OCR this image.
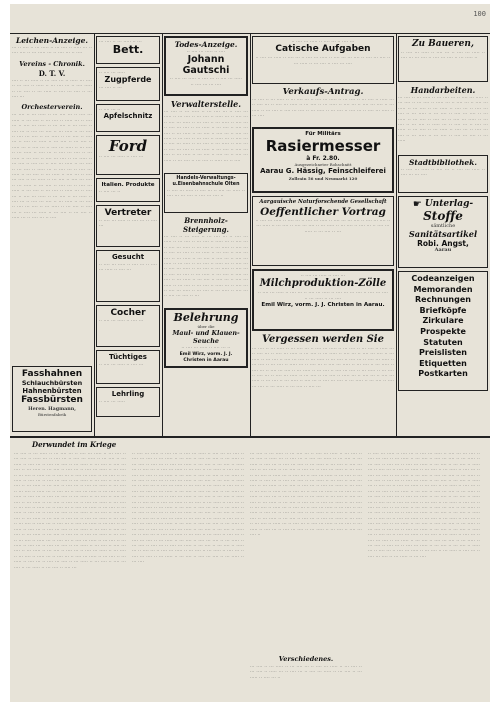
100
Leichen-Anzeige.
‧‧‧ ‧‧ ‧‧‧‧ ‧‧ ‧‧‧ ‧‧‧‧‧ ‧‧ ‧‧‧ ‧‧‧‧ ‧‧ ‧‧‧‧‧ ‧‧‧ ‧‧ ‧‧‧‧ ‧‧‧‧ ‧‧ ‧‧‧ ‧‧‧‧‧ ‧‧‧ ‧‧ ‧‧‧‧ ‧‧‧ ‧‧ ‧‧‧‧
Vereins - Chronik.
D. T. V.
‧‧‧‧ ‧‧ ‧‧‧ ‧‧‧‧‧ ‧‧ ‧‧‧ ‧‧‧‧ ‧‧‧ ‧‧ ‧‧‧‧‧ ‧‧‧ ‧‧‧‧ ‧‧ ‧‧‧ ‧‧‧‧ ‧‧ ‧‧‧‧‧ ‧‧ ‧‧‧ ‧‧‧‧ ‧‧‧ ‧‧ ‧‧‧‧ ‧‧‧‧‧ ‧‧ ‧‧‧ ‧‧‧‧ ‧‧ ‧‧‧ ‧‧‧‧‧ ‧‧ ‧‧‧‧ ‧‧‧ ‧‧‧‧ ‧‧ ‧‧‧ ‧‧‧‧ ‧‧‧
Orchesterverein.
‧‧‧ ‧‧‧‧ ‧‧ ‧‧‧ ‧‧‧‧‧ ‧‧ ‧‧‧ ‧‧‧‧ ‧‧‧ ‧‧ ‧‧‧‧ ‧‧‧ ‧‧‧‧‧ ‧‧ ‧‧‧ ‧‧‧‧ ‧‧ ‧‧‧ ‧‧‧‧ ‧‧ ‧‧‧‧‧ ‧‧‧ ‧‧ ‧‧‧‧ ‧‧‧ ‧‧ ‧‧‧‧ ‧‧‧ ‧‧‧‧‧ ‧‧ ‧‧‧ ‧‧‧‧ ‧‧ ‧‧‧ ‧‧‧‧‧ ‧‧ ‧‧‧‧ ‧‧‧ ‧‧ ‧‧‧‧ ‧‧‧ ‧‧‧‧ ‧‧ ‧‧‧ ‧‧‧‧‧ ‧‧ ‧‧‧ ‧‧‧‧ ‧‧ ‧‧‧‧ ‧‧‧ ‧‧‧‧ ‧‧ ‧‧‧ ‧‧‧‧‧ ‧‧ ‧‧‧ ‧‧‧‧ ‧‧ ‧‧‧‧ ‧‧‧ ‧‧ ‧‧‧‧ ‧‧‧ ‧‧‧‧‧ ‧‧ ‧‧‧ ‧‧‧‧ ‧‧ ‧‧‧ ‧‧‧‧ ‧‧ ‧‧‧‧‧ ‧‧‧ ‧‧ ‧‧‧‧ ‧‧‧ ‧‧ ‧‧‧‧ ‧‧‧ ‧‧‧‧‧ ‧‧ ‧‧‧ ‧‧‧‧ ‧‧ ‧‧‧ ‧‧‧‧‧ ‧‧ ‧‧‧‧ ‧‧‧ ‧‧ ‧‧‧‧ ‧‧‧ ‧‧‧‧ ‧‧ ‧‧‧ ‧‧‧‧‧ ‧‧ ‧‧‧ ‧‧‧‧ ‧‧ ‧‧‧‧ ‧‧‧ ‧‧‧‧ ‧‧ ‧‧‧ ‧‧‧‧‧ ‧‧ ‧‧‧ ‧‧‧‧ ‧‧ ‧‧‧‧ ‧‧‧ ‧‧ ‧‧‧‧ ‧‧‧ ‧‧‧‧‧ ‧‧ ‧‧‧ ‧‧‧‧ ‧‧ ‧‧‧ ‧‧‧‧ ‧‧ ‧‧‧‧‧ ‧‧‧ ‧‧ ‧‧‧‧ ‧‧‧ ‧‧ ‧‧‧‧ ‧‧‧ ‧‧‧‧‧ ‧‧ ‧‧‧ ‧‧‧‧ ‧‧ ‧‧‧ ‧‧‧‧‧ ‧‧ ‧‧‧‧ ‧‧‧ ‧‧ ‧‧‧‧ ‧‧‧ ‧‧‧‧ ‧‧ ‧‧‧ ‧‧‧‧‧ ‧‧ ‧‧‧ ‧‧‧‧ ‧‧ ‧‧‧‧ ‧‧‧ ‧‧‧‧ ‧‧ ‧‧‧ ‧‧‧‧‧ ‧‧ ‧‧‧ ‧‧‧‧ ‧‧ ‧‧‧‧ ‧‧‧ ‧‧ ‧‧‧‧ ‧‧‧ ‧‧‧‧‧ ‧‧ ‧‧‧ ‧‧‧‧ ‧‧ ‧‧‧ ‧‧‧‧ ‧‧ ‧‧‧‧‧ ‧‧‧ ‧‧ ‧‧‧‧ ‧‧‧ ‧‧ ‧‧‧‧ ‧‧‧ ‧‧‧‧‧ ‧‧ ‧‧‧ ‧‧‧‧ ‧‧ ‧‧‧ ‧‧‧‧‧ ‧‧ ‧‧‧‧ ‧‧‧ ‧‧ ‧‧‧‧ ‧‧‧ ‧‧‧‧ ‧‧ ‧‧‧ ‧‧‧‧‧ ‧‧ ‧‧‧ ‧‧‧‧ ‧‧ ‧‧‧‧ ‧‧‧ ‧‧‧‧ ‧‧ ‧‧‧ ‧‧‧‧‧ ‧‧ ‧‧‧ ‧‧‧‧ ‧‧ ‧‧‧‧ ‧‧‧ ‧‧ ‧‧‧‧ ‧‧‧ ‧‧‧‧‧ ‧‧ ‧‧‧ ‧‧‧‧ ‧‧ ‧‧‧ ‧‧‧‧ ‧‧ ‧‧‧‧‧ ‧‧‧ ‧‧ ‧‧‧‧ ‧‧‧ ‧‧ ‧‧‧‧
Fasshahnen
Schlauchbürsten
Hahnenbürsten
Fassbürsten
Heren. Hagmann,
Bürstenfabrik
‧‧‧ ‧‧‧‧ ‧‧ ‧‧‧ ‧‧‧‧‧ ‧‧ ‧‧‧
Bett.
‧‧ ‧‧‧‧ ‧‧‧ ‧‧‧‧‧
Zugpferde
‧‧‧ ‧‧‧‧ ‧‧ ‧‧‧
‧‧ ‧‧‧‧ ‧‧‧ ‧‧
Apfelschnitz
Ford
‧‧ ‧‧‧‧ ‧‧‧ ‧‧‧‧‧ ‧‧ ‧‧‧‧ ‧‧‧
Italien. Produkte
‧‧ ‧‧‧‧ ‧‧‧ ‧‧
Vertreter
‧‧ ‧‧‧‧ ‧‧‧ ‧‧‧‧‧ ‧‧ ‧‧‧‧ ‧‧‧ ‧‧ ‧‧‧‧ ‧‧‧
Gesucht
‧‧ ‧‧‧‧ ‧‧‧ ‧‧‧‧‧ ‧‧ ‧‧‧‧ ‧‧‧ ‧‧ ‧‧‧‧ ‧‧‧ ‧‧‧‧‧ ‧‧ ‧‧‧‧ ‧‧‧
Cocher
‧‧ ‧‧‧‧ ‧‧‧ ‧‧‧‧‧ ‧‧ ‧‧‧‧ ‧‧‧
Tüchtiges
‧‧ ‧‧‧‧ ‧‧‧ ‧‧‧‧‧ ‧‧ ‧‧‧‧ ‧‧‧
Lehrling
‧‧ ‧‧‧‧ ‧‧‧ ‧‧‧‧‧
Todes-Anzeige.
‧‧ ‧‧‧‧ ‧‧‧ ‧‧‧‧‧ ‧‧ ‧‧‧‧
Johann Gautschi
‧‧ ‧‧‧‧ ‧‧‧ ‧‧‧‧‧ ‧‧ ‧‧‧‧ ‧‧‧ ‧‧ ‧‧‧‧ ‧‧‧ ‧‧‧‧‧ ‧‧ ‧‧‧‧ ‧‧‧ ‧‧‧ ‧‧‧‧
Verwalterstelle.
‧‧‧ ‧‧‧‧ ‧‧ ‧‧‧ ‧‧‧‧‧ ‧‧ ‧‧‧ ‧‧‧‧ ‧‧‧ ‧‧ ‧‧‧‧ ‧‧‧ ‧‧‧‧‧ ‧‧ ‧‧‧ ‧‧‧‧ ‧‧ ‧‧‧ ‧‧‧‧ ‧‧ ‧‧‧‧‧ ‧‧‧ ‧‧ ‧‧‧‧ ‧‧‧ ‧‧ ‧‧‧‧ ‧‧‧ ‧‧‧‧‧ ‧‧ ‧‧‧ ‧‧‧‧ ‧‧ ‧‧‧ ‧‧‧‧‧ ‧‧ ‧‧‧‧ ‧‧‧ ‧‧ ‧‧‧‧ ‧‧‧ ‧‧‧‧ ‧‧ ‧‧‧ ‧‧‧‧‧ ‧‧ ‧‧‧ ‧‧‧‧ ‧‧ ‧‧‧‧ ‧‧‧ ‧‧‧‧ ‧‧ ‧‧‧ ‧‧‧‧‧ ‧‧ ‧‧‧ ‧‧‧‧ ‧‧ ‧‧‧‧ ‧‧‧ ‧‧ ‧‧‧‧ ‧‧‧ ‧‧‧‧‧ ‧‧ ‧‧‧ ‧‧‧‧ ‧‧ ‧‧‧ ‧‧‧‧ ‧‧ ‧‧‧‧‧ ‧‧‧ ‧‧ ‧‧‧‧ ‧‧‧ ‧‧ ‧‧‧‧ ‧‧‧ ‧‧‧‧‧ ‧‧ ‧‧‧ ‧‧‧‧ ‧‧ ‧‧‧ ‧‧‧‧‧ ‧‧ ‧‧‧‧ ‧‧‧ ‧‧ ‧‧‧‧ ‧‧‧ ‧‧‧‧ ‧‧ ‧‧‧ ‧‧‧‧‧ ‧‧ ‧‧‧ ‧‧‧‧ ‧‧ ‧‧‧‧ ‧‧‧ ‧‧‧‧ ‧‧ ‧‧‧ ‧‧‧‧‧ ‧‧ ‧‧‧ ‧‧‧‧ ‧‧ ‧‧‧‧ ‧‧‧ ‧‧ ‧‧‧‧ ‧‧‧ ‧‧‧‧‧ ‧‧ ‧‧‧ ‧‧‧‧ ‧‧ ‧‧‧ ‧‧‧‧ ‧‧ ‧‧‧‧‧ ‧‧‧ ‧‧ ‧‧‧‧
Handels-Verwaltungs- u.Eisenbahnschule Olten
‧‧ ‧‧‧‧ ‧‧‧ ‧‧‧‧‧ ‧‧ ‧‧‧‧ ‧‧‧ ‧‧ ‧‧‧‧ ‧‧‧ ‧‧‧‧‧ ‧‧ ‧‧‧‧ ‧‧‧ ‧‧‧ ‧‧‧‧ ‧‧ ‧‧‧‧ ‧‧‧ ‧‧‧‧ ‧‧
Brennholz-Steigerung.
‧‧‧ ‧‧‧‧ ‧‧ ‧‧‧ ‧‧‧‧‧ ‧‧ ‧‧‧ ‧‧‧‧ ‧‧‧ ‧‧ ‧‧‧‧ ‧‧‧ ‧‧‧‧‧ ‧‧ ‧‧‧ ‧‧‧‧ ‧‧ ‧‧‧ ‧‧‧‧ ‧‧ ‧‧‧‧‧ ‧‧‧ ‧‧ ‧‧‧‧ ‧‧‧ ‧‧ ‧‧‧‧ ‧‧‧ ‧‧‧‧‧ ‧‧ ‧‧‧ ‧‧‧‧ ‧‧ ‧‧‧ ‧‧‧‧‧ ‧‧ ‧‧‧‧ ‧‧‧ ‧‧ ‧‧‧‧ ‧‧‧ ‧‧‧‧ ‧‧ ‧‧‧ ‧‧‧‧‧ ‧‧ ‧‧‧ ‧‧‧‧ ‧‧ ‧‧‧‧ ‧‧‧ ‧‧‧‧ ‧‧ ‧‧‧ ‧‧‧‧‧ ‧‧ ‧‧‧ ‧‧‧‧ ‧‧ ‧‧‧‧ ‧‧‧ ‧‧ ‧‧‧‧ ‧‧‧ ‧‧‧‧‧ ‧‧ ‧‧‧ ‧‧‧‧ ‧‧ ‧‧‧ ‧‧‧‧ ‧‧ ‧‧‧‧‧ ‧‧‧ ‧‧ ‧‧‧‧ ‧‧‧ ‧‧ ‧‧‧‧ ‧‧‧ ‧‧‧‧‧ ‧‧ ‧‧‧ ‧‧‧‧ ‧‧ ‧‧‧ ‧‧‧‧‧ ‧‧ ‧‧‧‧ ‧‧‧ ‧‧ ‧‧‧‧ ‧‧‧ ‧‧‧‧ ‧‧ ‧‧‧ ‧‧‧‧‧ ‧‧ ‧‧‧ ‧‧‧‧ ‧‧ ‧‧‧‧ ‧‧‧ ‧‧‧‧ ‧‧ ‧‧‧ ‧‧‧‧‧ ‧‧ ‧‧‧ ‧‧‧‧ ‧‧ ‧‧‧‧ ‧‧‧ ‧‧ ‧‧‧‧ ‧‧‧ ‧‧‧‧‧ ‧‧ ‧‧‧ ‧‧‧‧ ‧‧ ‧‧‧ ‧‧‧‧ ‧‧ ‧‧‧‧‧ ‧‧‧ ‧‧ ‧‧‧‧ ‧‧‧ ‧‧ ‧‧‧‧ ‧‧‧ ‧‧‧‧‧ ‧‧ ‧‧‧ ‧‧‧‧ ‧‧ ‧‧‧ ‧‧‧‧‧ ‧‧ ‧‧‧‧ ‧‧‧ ‧‧ ‧‧‧‧ ‧‧‧ ‧‧‧‧ ‧‧ ‧‧‧
Belehrung
über die
Maul- und Klauen-Seuche
‧‧ ‧‧‧‧ ‧‧‧ ‧‧‧‧‧ ‧‧ ‧‧‧‧ ‧‧‧ ‧‧
Emil Wirz, vorm. J. J. Christen in Aarau
‧‧ ‧‧‧‧ ‧‧‧ ‧‧‧‧‧ ‧‧ ‧‧‧‧ ‧‧‧ ‧‧ ‧‧‧‧ ‧‧‧
Catische Aufgaben
‧‧ ‧‧‧‧ ‧‧‧ ‧‧‧‧‧ ‧‧ ‧‧‧‧ ‧‧‧ ‧‧ ‧‧‧‧ ‧‧‧ ‧‧‧‧‧ ‧‧ ‧‧‧‧ ‧‧‧ ‧‧‧ ‧‧‧‧ ‧‧ ‧‧‧‧ ‧‧‧ ‧‧‧‧ ‧‧ ‧‧‧ ‧‧‧‧‧ ‧‧ ‧‧‧ ‧‧‧‧ ‧‧ ‧‧‧‧ ‧‧‧ ‧‧‧‧
Verkaufs-Antrag.
‧‧‧ ‧‧‧‧ ‧‧ ‧‧‧ ‧‧‧‧‧ ‧‧ ‧‧‧ ‧‧‧‧ ‧‧‧ ‧‧ ‧‧‧‧ ‧‧‧ ‧‧‧‧‧ ‧‧ ‧‧‧ ‧‧‧‧ ‧‧ ‧‧‧ ‧‧‧‧ ‧‧ ‧‧‧‧‧ ‧‧‧ ‧‧ ‧‧‧‧ ‧‧‧ ‧‧ ‧‧‧‧ ‧‧‧ ‧‧‧‧‧ ‧‧ ‧‧‧ ‧‧‧‧ ‧‧ ‧‧‧ ‧‧‧‧‧ ‧‧ ‧‧‧‧ ‧‧‧ ‧‧ ‧‧‧‧ ‧‧‧ ‧‧‧‧ ‧‧ ‧‧‧ ‧‧‧‧‧ ‧‧ ‧‧‧ ‧‧‧‧ ‧‧ ‧‧‧‧ ‧‧‧ ‧‧‧‧ ‧‧ ‧‧‧ ‧‧‧‧‧ ‧‧ ‧‧‧ ‧‧‧‧ ‧‧ ‧‧‧‧ ‧‧‧ ‧‧ ‧‧‧‧ ‧‧‧ ‧‧‧‧‧ ‧‧ ‧‧‧ ‧‧‧‧
Für Militärs
Rasiermesser
à Fr. 2.80.
Ausgezeichneter Rohschnitt
Aarau G. Hässig, Feinschleiferei
Zollrain 56 und Neumarkt 120
Aargauische Naturforschende Gesellschaft
Oeffentlicher Vortrag
‧‧ ‧‧‧‧ ‧‧‧ ‧‧‧‧‧ ‧‧ ‧‧‧‧ ‧‧‧ ‧‧ ‧‧‧‧ ‧‧‧ ‧‧‧‧‧ ‧‧ ‧‧‧‧ ‧‧‧ ‧‧‧ ‧‧‧‧ ‧‧ ‧‧‧‧ ‧‧‧ ‧‧‧‧ ‧‧ ‧‧‧ ‧‧‧‧‧ ‧‧ ‧‧‧ ‧‧‧‧ ‧‧ ‧‧‧‧ ‧‧‧ ‧‧‧‧ ‧‧ ‧‧‧ ‧‧‧‧‧ ‧‧ ‧‧‧ ‧‧‧‧ ‧‧ ‧‧‧‧ ‧‧‧ ‧‧ ‧‧‧‧ ‧‧‧ ‧‧‧‧‧ ‧‧ ‧‧‧ ‧‧‧‧ ‧‧ ‧‧‧
‧‧ ‧‧‧‧ ‧‧‧ ‧‧‧‧‧ ‧‧ ‧‧‧‧ ‧‧‧
Milchproduktion-Zölle
‧‧ ‧‧‧‧ ‧‧‧ ‧‧‧‧‧ ‧‧ ‧‧‧‧ ‧‧‧ ‧‧ ‧‧‧‧ ‧‧‧ ‧‧‧‧‧ ‧‧ ‧‧‧‧ ‧‧‧ ‧‧‧ ‧‧‧‧ ‧‧ ‧‧‧‧ ‧‧‧ ‧‧‧‧ ‧‧ ‧‧‧ ‧‧‧‧‧ ‧‧ ‧‧‧ ‧‧‧‧
Emil Wirz, vorm. J. J. Christen in Aarau.
Vergessen werden Sie
‧‧‧ ‧‧‧‧ ‧‧ ‧‧‧ ‧‧‧‧‧ ‧‧ ‧‧‧ ‧‧‧‧ ‧‧‧ ‧‧ ‧‧‧‧ ‧‧‧ ‧‧‧‧‧ ‧‧ ‧‧‧ ‧‧‧‧ ‧‧ ‧‧‧ ‧‧‧‧ ‧‧ ‧‧‧‧‧ ‧‧‧ ‧‧ ‧‧‧‧ ‧‧‧ ‧‧ ‧‧‧‧ ‧‧‧ ‧‧‧‧‧ ‧‧ ‧‧‧ ‧‧‧‧ ‧‧ ‧‧‧ ‧‧‧‧‧ ‧‧ ‧‧‧‧ ‧‧‧ ‧‧ ‧‧‧‧ ‧‧‧ ‧‧‧‧ ‧‧ ‧‧‧ ‧‧‧‧‧ ‧‧ ‧‧‧ ‧‧‧‧ ‧‧ ‧‧‧‧ ‧‧‧ ‧‧‧‧ ‧‧ ‧‧‧ ‧‧‧‧‧ ‧‧ ‧‧‧ ‧‧‧‧ ‧‧ ‧‧‧‧ ‧‧‧ ‧‧ ‧‧‧‧ ‧‧‧ ‧‧‧‧‧ ‧‧ ‧‧‧ ‧‧‧‧ ‧‧ ‧‧‧ ‧‧‧‧ ‧‧ ‧‧‧‧‧ ‧‧‧ ‧‧ ‧‧‧‧ ‧‧‧ ‧‧ ‧‧‧‧ ‧‧‧ ‧‧‧‧‧ ‧‧ ‧‧‧ ‧‧‧‧ ‧‧ ‧‧‧ ‧‧‧‧‧ ‧‧ ‧‧‧‧ ‧‧‧ ‧‧ ‧‧‧‧ ‧‧‧ ‧‧‧‧ ‧‧ ‧‧‧ ‧‧‧‧‧ ‧‧ ‧‧‧ ‧‧‧‧ ‧‧ ‧‧‧‧ ‧‧‧ ‧‧‧‧ ‧‧ ‧‧‧ ‧‧‧‧‧ ‧‧ ‧‧‧ ‧‧‧‧ ‧‧ ‧‧‧‧ ‧‧‧ ‧‧ ‧‧‧‧ ‧‧‧ ‧‧‧‧‧ ‧‧ ‧‧‧ ‧‧‧‧ ‧‧ ‧‧‧ ‧‧‧‧ ‧‧ ‧‧‧‧‧ ‧‧‧ ‧‧ ‧‧‧‧ ‧‧‧ ‧‧ ‧‧‧‧ ‧‧‧ ‧‧‧‧‧ ‧‧ ‧‧‧ ‧‧‧‧ ‧‧ ‧‧‧ ‧‧‧‧‧ ‧‧ ‧‧‧‧ ‧‧‧ ‧‧ ‧‧‧‧ ‧‧‧ ‧‧‧‧ ‧‧ ‧‧‧ ‧‧‧‧‧ ‧‧ ‧‧‧ ‧‧‧‧ ‧‧ ‧‧‧‧ ‧‧‧ ‧‧‧‧ ‧‧ ‧‧‧ ‧‧‧‧‧ ‧‧ ‧‧‧ ‧‧‧‧ ‧‧ ‧‧‧‧ ‧‧‧
Zu Baueren,
‧‧ ‧‧‧‧ ‧‧‧ ‧‧‧‧‧ ‧‧ ‧‧‧‧ ‧‧‧ ‧‧ ‧‧‧‧ ‧‧‧ ‧‧‧‧‧ ‧‧ ‧‧‧‧ ‧‧‧ ‧‧‧ ‧‧‧‧ ‧‧ ‧‧‧‧ ‧‧‧ ‧‧‧‧ ‧‧ ‧‧‧ ‧‧‧‧‧ ‧‧
Handarbeiten.
‧‧‧ ‧‧‧‧ ‧‧ ‧‧‧ ‧‧‧‧‧ ‧‧ ‧‧‧ ‧‧‧‧ ‧‧‧ ‧‧ ‧‧‧‧ ‧‧‧ ‧‧‧‧‧ ‧‧ ‧‧‧ ‧‧‧‧ ‧‧ ‧‧‧ ‧‧‧‧ ‧‧ ‧‧‧‧‧ ‧‧‧ ‧‧ ‧‧‧‧ ‧‧‧ ‧‧ ‧‧‧‧ ‧‧‧ ‧‧‧‧‧ ‧‧ ‧‧‧ ‧‧‧‧ ‧‧ ‧‧‧ ‧‧‧‧‧ ‧‧ ‧‧‧‧ ‧‧‧ ‧‧ ‧‧‧‧ ‧‧‧ ‧‧‧‧ ‧‧ ‧‧‧ ‧‧‧‧‧ ‧‧ ‧‧‧ ‧‧‧‧ ‧‧ ‧‧‧‧ ‧‧‧ ‧‧‧‧ ‧‧ ‧‧‧ ‧‧‧‧‧ ‧‧ ‧‧‧ ‧‧‧‧ ‧‧ ‧‧‧‧ ‧‧‧ ‧‧ ‧‧‧‧ ‧‧‧ ‧‧‧‧‧ ‧‧ ‧‧‧ ‧‧‧‧ ‧‧ ‧‧‧ ‧‧‧‧ ‧‧ ‧‧‧‧‧ ‧‧‧ ‧‧ ‧‧‧‧ ‧‧‧ ‧‧ ‧‧‧‧ ‧‧‧ ‧‧‧‧‧ ‧‧ ‧‧‧ ‧‧‧‧ ‧‧ ‧‧‧ ‧‧‧‧‧ ‧‧ ‧‧‧‧ ‧‧‧ ‧‧ ‧‧‧‧ ‧‧‧ ‧‧‧‧ ‧‧ ‧‧‧ ‧‧‧‧‧ ‧‧ ‧‧‧ ‧‧‧‧ ‧‧ ‧‧‧‧ ‧‧‧ ‧‧‧‧ ‧‧ ‧‧‧ ‧‧‧‧‧
Stadtbibliothek.
‧‧ ‧‧‧‧ ‧‧‧ ‧‧‧‧‧ ‧‧ ‧‧‧‧ ‧‧‧ ‧‧ ‧‧‧‧ ‧‧‧ ‧‧‧‧‧ ‧‧ ‧‧‧‧ ‧‧‧ ‧‧‧ ‧‧‧‧
☛ Unterlag-
Stoffe
sämtliche
Sanitätsartikel
Robi. Angst,
Aarau
Codeanzeigen
Memoranden
Rechnungen
Briefköpfe
Zirkulare
Prospekte
Statuten
Preislisten
Etiquetten
Postkarten
Derwundet im Kriege
‧‧‧ ‧‧‧‧ ‧‧ ‧‧‧ ‧‧‧‧‧ ‧‧ ‧‧‧ ‧‧‧‧ ‧‧‧ ‧‧ ‧‧‧‧ ‧‧‧ ‧‧‧‧‧ ‧‧ ‧‧‧ ‧‧‧‧ ‧‧ ‧‧‧ ‧‧‧‧ ‧‧ ‧‧‧‧‧ ‧‧‧ ‧‧ ‧‧‧‧ ‧‧‧ ‧‧ ‧‧‧‧ ‧‧‧ ‧‧‧‧‧ ‧‧ ‧‧‧ ‧‧‧‧ ‧‧ ‧‧‧ ‧‧‧‧‧ ‧‧ ‧‧‧‧ ‧‧‧ ‧‧ ‧‧‧‧ ‧‧‧ ‧‧‧‧ ‧‧ ‧‧‧ ‧‧‧‧‧ ‧‧ ‧‧‧ ‧‧‧‧ ‧‧ ‧‧‧‧ ‧‧‧ ‧‧‧‧ ‧‧ ‧‧‧ ‧‧‧‧‧ ‧‧ ‧‧‧ ‧‧‧‧ ‧‧ ‧‧‧‧ ‧‧‧ ‧‧ ‧‧‧‧ ‧‧‧ ‧‧‧‧‧ ‧‧ ‧‧‧ ‧‧‧‧ ‧‧ ‧‧‧ ‧‧‧‧ ‧‧ ‧‧‧‧‧ ‧‧‧ ‧‧ ‧‧‧‧ ‧‧‧ ‧‧ ‧‧‧‧ ‧‧‧ ‧‧‧‧‧ ‧‧ ‧‧‧ ‧‧‧‧ ‧‧ ‧‧‧ ‧‧‧‧‧ ‧‧ ‧‧‧‧ ‧‧‧ ‧‧ ‧‧‧‧ ‧‧‧ ‧‧‧‧ ‧‧ ‧‧‧ ‧‧‧‧‧ ‧‧ ‧‧‧ ‧‧‧‧ ‧‧ ‧‧‧‧ ‧‧‧ ‧‧‧‧ ‧‧ ‧‧‧ ‧‧‧‧‧ ‧‧ ‧‧‧ ‧‧‧‧ ‧‧ ‧‧‧‧ ‧‧‧ ‧‧ ‧‧‧‧ ‧‧‧ ‧‧‧‧‧ ‧‧ ‧‧‧ ‧‧‧‧ ‧‧ ‧‧‧ ‧‧‧‧ ‧‧ ‧‧‧‧‧ ‧‧‧ ‧‧ ‧‧‧‧ ‧‧‧ ‧‧ ‧‧‧‧ ‧‧‧ ‧‧‧‧‧ ‧‧ ‧‧‧ ‧‧‧‧ ‧‧ ‧‧‧ ‧‧‧‧‧ ‧‧ ‧‧‧‧ ‧‧‧ ‧‧ ‧‧‧‧ ‧‧‧ ‧‧‧‧ ‧‧ ‧‧‧ ‧‧‧‧‧ ‧‧ ‧‧‧ ‧‧‧‧ ‧‧ ‧‧‧‧ ‧‧‧ ‧‧‧‧ ‧‧ ‧‧‧ ‧‧‧‧‧ ‧‧ ‧‧‧ ‧‧‧‧ ‧‧ ‧‧‧‧ ‧‧‧ ‧‧ ‧‧‧‧ ‧‧‧ ‧‧‧‧‧ ‧‧ ‧‧‧ ‧‧‧‧ ‧‧ ‧‧‧ ‧‧‧‧ ‧‧ ‧‧‧‧‧ ‧‧‧ ‧‧ ‧‧‧‧ ‧‧‧ ‧‧ ‧‧‧‧ ‧‧‧ ‧‧‧‧‧ ‧‧ ‧‧‧ ‧‧‧‧ ‧‧ ‧‧‧ ‧‧‧‧‧ ‧‧ ‧‧‧‧ ‧‧‧ ‧‧ ‧‧‧‧ ‧‧‧ ‧‧‧‧ ‧‧ ‧‧‧ ‧‧‧‧‧ ‧‧ ‧‧‧ ‧‧‧‧ ‧‧ ‧‧‧‧ ‧‧‧ ‧‧‧‧ ‧‧ ‧‧‧ ‧‧‧‧‧ ‧‧ ‧‧‧ ‧‧‧‧ ‧‧ ‧‧‧‧ ‧‧‧ ‧‧ ‧‧‧‧ ‧‧‧ ‧‧‧‧‧ ‧‧ ‧‧‧ ‧‧‧‧ ‧‧ ‧‧‧ ‧‧‧‧ ‧‧ ‧‧‧‧‧ ‧‧‧ ‧‧ ‧‧‧‧ ‧‧‧ ‧‧ ‧‧‧‧ ‧‧‧ ‧‧‧‧‧ ‧‧ ‧‧‧ ‧‧‧‧ ‧‧ ‧‧‧ ‧‧‧‧‧ ‧‧ ‧‧‧‧ ‧‧‧ ‧‧ ‧‧‧‧ ‧‧‧ ‧‧‧‧ ‧‧ ‧‧‧ ‧‧‧‧‧ ‧‧ ‧‧‧ ‧‧‧‧ ‧‧ ‧‧‧‧ ‧‧‧ ‧‧‧‧ ‧‧ ‧‧‧ ‧‧‧‧‧ ‧‧ ‧‧‧ ‧‧‧‧ ‧‧ ‧‧‧‧ ‧‧‧ ‧‧ ‧‧‧‧ ‧‧‧ ‧‧‧‧‧ ‧‧ ‧‧‧ ‧‧‧‧ ‧‧ ‧‧‧ ‧‧‧‧ ‧‧ ‧‧‧‧‧ ‧‧‧ ‧‧ ‧‧‧‧ ‧‧‧ ‧‧ ‧‧‧‧ ‧‧‧ ‧‧‧‧‧ ‧‧ ‧‧‧ ‧‧‧‧ ‧‧ ‧‧‧ ‧‧‧‧‧ ‧‧ ‧‧‧‧ ‧‧‧ ‧‧ ‧‧‧‧ ‧‧‧ ‧‧‧‧ ‧‧ ‧‧‧ ‧‧‧‧‧ ‧‧ ‧‧‧ ‧‧‧‧ ‧‧ ‧‧‧‧ ‧‧‧ ‧‧‧‧ ‧‧ ‧‧‧ ‧‧‧‧‧ ‧‧ ‧‧‧ ‧‧‧‧ ‧‧ ‧‧‧‧ ‧‧‧ ‧‧ ‧‧‧‧ ‧‧‧ ‧‧‧‧‧ ‧‧ ‧‧‧ ‧‧‧‧ ‧‧ ‧‧‧ ‧‧‧‧ ‧‧ ‧‧‧‧‧ ‧‧‧ ‧‧ ‧‧‧‧ ‧‧‧ ‧‧ ‧‧‧‧ ‧‧‧ ‧‧‧‧‧ ‧‧ ‧‧‧ ‧‧‧‧ ‧‧ ‧‧‧ ‧‧‧‧‧ ‧‧ ‧‧‧‧ ‧‧‧ ‧‧ ‧‧‧‧ ‧‧‧ ‧‧‧‧ ‧‧ ‧‧‧ ‧‧‧‧‧ ‧‧ ‧‧‧ ‧‧‧‧ ‧‧ ‧‧‧‧ ‧‧‧ ‧‧‧‧ ‧‧ ‧‧‧ ‧‧‧‧‧ ‧‧ ‧‧‧ ‧‧‧‧ ‧‧ ‧‧‧‧ ‧‧‧
‧‧ ‧‧‧‧ ‧‧‧ ‧‧‧‧‧ ‧‧ ‧‧‧‧ ‧‧‧ ‧‧ ‧‧‧‧ ‧‧‧ ‧‧‧‧‧ ‧‧ ‧‧‧‧ ‧‧‧ ‧‧‧ ‧‧‧‧ ‧‧ ‧‧‧‧ ‧‧‧ ‧‧‧‧ ‧‧ ‧‧‧ ‧‧‧‧‧ ‧‧ ‧‧‧ ‧‧‧‧ ‧‧ ‧‧‧‧ ‧‧‧ ‧‧‧‧ ‧‧ ‧‧‧ ‧‧‧‧‧ ‧‧ ‧‧‧ ‧‧‧‧ ‧‧ ‧‧‧‧ ‧‧‧ ‧‧ ‧‧‧‧ ‧‧‧ ‧‧‧‧‧ ‧‧ ‧‧‧ ‧‧‧‧ ‧‧ ‧‧‧ ‧‧‧‧ ‧‧ ‧‧‧‧‧ ‧‧‧ ‧‧ ‧‧‧‧ ‧‧‧ ‧‧ ‧‧‧‧ ‧‧‧ ‧‧‧‧‧ ‧‧ ‧‧‧ ‧‧‧‧ ‧‧ ‧‧‧ ‧‧‧‧‧ ‧‧ ‧‧‧‧ ‧‧‧ ‧‧ ‧‧‧‧ ‧‧‧ ‧‧‧‧ ‧‧ ‧‧‧ ‧‧‧‧‧ ‧‧ ‧‧‧ ‧‧‧‧ ‧‧ ‧‧‧‧ ‧‧‧ ‧‧‧‧ ‧‧ ‧‧‧ ‧‧‧‧‧ ‧‧ ‧‧‧ ‧‧‧‧ ‧‧ ‧‧‧‧ ‧‧‧ ‧‧ ‧‧‧‧ ‧‧‧ ‧‧‧‧‧ ‧‧ ‧‧‧ ‧‧‧‧ ‧‧ ‧‧‧ ‧‧‧‧ ‧‧ ‧‧‧‧‧ ‧‧‧ ‧‧ ‧‧‧‧ ‧‧‧ ‧‧ ‧‧‧‧ ‧‧‧ ‧‧‧‧‧ ‧‧ ‧‧‧ ‧‧‧‧ ‧‧ ‧‧‧ ‧‧‧‧‧ ‧‧ ‧‧‧‧ ‧‧‧ ‧‧ ‧‧‧‧ ‧‧‧ ‧‧‧‧ ‧‧ ‧‧‧ ‧‧‧‧‧ ‧‧ ‧‧‧ ‧‧‧‧ ‧‧ ‧‧‧‧ ‧‧‧ ‧‧‧‧ ‧‧ ‧‧‧ ‧‧‧‧‧ ‧‧ ‧‧‧ ‧‧‧‧ ‧‧ ‧‧‧‧ ‧‧‧ ‧‧ ‧‧‧‧ ‧‧‧ ‧‧‧‧‧ ‧‧ ‧‧‧ ‧‧‧‧ ‧‧ ‧‧‧ ‧‧‧‧ ‧‧ ‧‧‧‧‧ ‧‧‧ ‧‧ ‧‧‧‧ ‧‧‧ ‧‧ ‧‧‧‧ ‧‧‧ ‧‧‧‧‧ ‧‧ ‧‧‧ ‧‧‧‧ ‧‧ ‧‧‧ ‧‧‧‧‧ ‧‧ ‧‧‧‧ ‧‧‧ ‧‧ ‧‧‧‧ ‧‧‧ ‧‧‧‧ ‧‧ ‧‧‧ ‧‧‧‧‧ ‧‧ ‧‧‧ ‧‧‧‧ ‧‧ ‧‧‧‧ ‧‧‧ ‧‧‧‧ ‧‧ ‧‧‧ ‧‧‧‧‧ ‧‧ ‧‧‧ ‧‧‧‧ ‧‧ ‧‧‧‧ ‧‧‧ ‧‧ ‧‧‧‧ ‧‧‧ ‧‧‧‧‧ ‧‧ ‧‧‧ ‧‧‧‧ ‧‧ ‧‧‧ ‧‧‧‧ ‧‧ ‧‧‧‧‧ ‧‧‧ ‧‧ ‧‧‧‧ ‧‧‧ ‧‧ ‧‧‧‧ ‧‧‧ ‧‧‧‧‧ ‧‧ ‧‧‧ ‧‧‧‧ ‧‧ ‧‧‧ ‧‧‧‧‧ ‧‧ ‧‧‧‧ ‧‧‧ ‧‧ ‧‧‧‧ ‧‧‧ ‧‧‧‧ ‧‧ ‧‧‧ ‧‧‧‧‧ ‧‧ ‧‧‧ ‧‧‧‧ ‧‧ ‧‧‧‧ ‧‧‧ ‧‧‧‧ ‧‧ ‧‧‧ ‧‧‧‧‧ ‧‧ ‧‧‧ ‧‧‧‧ ‧‧ ‧‧‧‧ ‧‧‧ ‧‧ ‧‧‧‧ ‧‧‧ ‧‧‧‧‧ ‧‧ ‧‧‧ ‧‧‧‧ ‧‧ ‧‧‧ ‧‧‧‧ ‧‧ ‧‧‧‧‧ ‧‧‧ ‧‧ ‧‧‧‧ ‧‧‧ ‧‧ ‧‧‧‧ ‧‧‧ ‧‧‧‧‧ ‧‧ ‧‧‧ ‧‧‧‧ ‧‧ ‧‧‧ ‧‧‧‧‧ ‧‧ ‧‧‧‧ ‧‧‧ ‧‧ ‧‧‧‧ ‧‧‧ ‧‧‧‧ ‧‧ ‧‧‧ ‧‧‧‧‧ ‧‧ ‧‧‧ ‧‧‧‧ ‧‧ ‧‧‧‧ ‧‧‧ ‧‧‧‧ ‧‧ ‧‧‧ ‧‧‧‧‧ ‧‧ ‧‧‧ ‧‧‧‧ ‧‧ ‧‧‧‧ ‧‧‧ ‧‧ ‧‧‧‧ ‧‧‧ ‧‧‧‧‧ ‧‧ ‧‧‧ ‧‧‧‧ ‧‧ ‧‧‧ ‧‧‧‧ ‧‧ ‧‧‧‧‧ ‧‧‧ ‧‧ ‧‧‧‧ ‧‧‧ ‧‧ ‧‧‧‧ ‧‧‧ ‧‧‧‧‧ ‧‧ ‧‧‧ ‧‧‧‧ ‧‧ ‧‧‧ ‧‧‧‧‧ ‧‧ ‧‧‧‧ ‧‧‧ ‧‧ ‧‧‧‧ ‧‧‧ ‧‧‧‧ ‧‧ ‧‧‧ ‧‧‧‧‧ ‧‧ ‧‧‧ ‧‧‧‧ ‧‧ ‧‧‧‧ ‧‧‧ ‧‧‧‧ ‧‧ ‧‧‧ ‧‧‧‧‧ ‧‧ ‧‧‧ ‧‧‧‧
‧‧‧ ‧‧‧‧ ‧‧ ‧‧‧ ‧‧‧‧‧ ‧‧ ‧‧‧ ‧‧‧‧ ‧‧‧ ‧‧ ‧‧‧‧ ‧‧‧ ‧‧‧‧‧ ‧‧ ‧‧‧ ‧‧‧‧ ‧‧ ‧‧‧ ‧‧‧‧ ‧‧ ‧‧‧‧‧ ‧‧‧ ‧‧ ‧‧‧‧ ‧‧‧ ‧‧ ‧‧‧‧ ‧‧‧ ‧‧‧‧‧ ‧‧ ‧‧‧ ‧‧‧‧ ‧‧ ‧‧‧ ‧‧‧‧‧ ‧‧ ‧‧‧‧ ‧‧‧ ‧‧ ‧‧‧‧ ‧‧‧ ‧‧‧‧ ‧‧ ‧‧‧ ‧‧‧‧‧ ‧‧ ‧‧‧ ‧‧‧‧ ‧‧ ‧‧‧‧ ‧‧‧ ‧‧‧‧ ‧‧ ‧‧‧ ‧‧‧‧‧ ‧‧ ‧‧‧ ‧‧‧‧ ‧‧ ‧‧‧‧ ‧‧‧ ‧‧ ‧‧‧‧ ‧‧‧ ‧‧‧‧‧ ‧‧ ‧‧‧ ‧‧‧‧ ‧‧ ‧‧‧ ‧‧‧‧ ‧‧ ‧‧‧‧‧ ‧‧‧ ‧‧ ‧‧‧‧ ‧‧‧ ‧‧ ‧‧‧‧ ‧‧‧ ‧‧‧‧‧ ‧‧ ‧‧‧ ‧‧‧‧ ‧‧ ‧‧‧ ‧‧‧‧‧ ‧‧ ‧‧‧‧ ‧‧‧ ‧‧ ‧‧‧‧ ‧‧‧ ‧‧‧‧ ‧‧ ‧‧‧ ‧‧‧‧‧ ‧‧ ‧‧‧ ‧‧‧‧ ‧‧ ‧‧‧‧ ‧‧‧ ‧‧‧‧ ‧‧ ‧‧‧ ‧‧‧‧‧ ‧‧ ‧‧‧ ‧‧‧‧ ‧‧ ‧‧‧‧ ‧‧‧ ‧‧ ‧‧‧‧ ‧‧‧ ‧‧‧‧‧ ‧‧ ‧‧‧ ‧‧‧‧ ‧‧ ‧‧‧ ‧‧‧‧ ‧‧ ‧‧‧‧‧ ‧‧‧ ‧‧ ‧‧‧‧ ‧‧‧ ‧‧ ‧‧‧‧ ‧‧‧ ‧‧‧‧‧ ‧‧ ‧‧‧ ‧‧‧‧ ‧‧ ‧‧‧ ‧‧‧‧‧ ‧‧ ‧‧‧‧ ‧‧‧ ‧‧ ‧‧‧‧ ‧‧‧ ‧‧‧‧ ‧‧ ‧‧‧ ‧‧‧‧‧ ‧‧ ‧‧‧ ‧‧‧‧ ‧‧ ‧‧‧‧ ‧‧‧ ‧‧‧‧ ‧‧ ‧‧‧ ‧‧‧‧‧ ‧‧ ‧‧‧ ‧‧‧‧ ‧‧ ‧‧‧‧ ‧‧‧ ‧‧ ‧‧‧‧ ‧‧‧ ‧‧‧‧‧ ‧‧ ‧‧‧ ‧‧‧‧ ‧‧ ‧‧‧ ‧‧‧‧ ‧‧ ‧‧‧‧‧ ‧‧‧ ‧‧ ‧‧‧‧ ‧‧‧ ‧‧ ‧‧‧‧ ‧‧‧ ‧‧‧‧‧ ‧‧ ‧‧‧ ‧‧‧‧ ‧‧ ‧‧‧ ‧‧‧‧‧ ‧‧ ‧‧‧‧ ‧‧‧ ‧‧ ‧‧‧‧ ‧‧‧ ‧‧‧‧ ‧‧ ‧‧‧ ‧‧‧‧‧ ‧‧ ‧‧‧ ‧‧‧‧ ‧‧ ‧‧‧‧ ‧‧‧ ‧‧‧‧ ‧‧ ‧‧‧ ‧‧‧‧‧ ‧‧ ‧‧‧ ‧‧‧‧ ‧‧ ‧‧‧‧ ‧‧‧ ‧‧ ‧‧‧‧ ‧‧‧ ‧‧‧‧‧ ‧‧ ‧‧‧ ‧‧‧‧ ‧‧ ‧‧‧ ‧‧‧‧ ‧‧ ‧‧‧‧‧ ‧‧‧ ‧‧ ‧‧‧‧ ‧‧‧ ‧‧ ‧‧‧‧ ‧‧‧ ‧‧‧‧‧ ‧‧ ‧‧‧ ‧‧‧‧ ‧‧ ‧‧‧ ‧‧‧‧‧ ‧‧ ‧‧‧‧ ‧‧‧ ‧‧ ‧‧‧‧ ‧‧‧ ‧‧‧‧ ‧‧ ‧‧‧ ‧‧‧‧‧ ‧‧ ‧‧‧ ‧‧‧‧ ‧‧ ‧‧‧‧ ‧‧‧ ‧‧‧‧ ‧‧
Verschiedenes.
‧‧‧ ‧‧‧‧ ‧‧ ‧‧‧ ‧‧‧‧‧ ‧‧ ‧‧‧ ‧‧‧‧ ‧‧‧ ‧‧ ‧‧‧‧ ‧‧‧ ‧‧‧‧‧ ‧‧ ‧‧‧ ‧‧‧‧ ‧‧ ‧‧‧ ‧‧‧‧ ‧‧ ‧‧‧‧‧ ‧‧‧ ‧‧ ‧‧‧‧ ‧‧‧ ‧‧ ‧‧‧‧ ‧‧‧ ‧‧‧‧‧ ‧‧ ‧‧‧ ‧‧‧‧ ‧‧ ‧‧‧ ‧‧‧‧‧ ‧‧ ‧‧‧‧ ‧‧‧ ‧‧
‧‧ ‧‧‧‧ ‧‧‧ ‧‧‧‧‧ ‧‧ ‧‧‧‧ ‧‧‧ ‧‧ ‧‧‧‧ ‧‧‧ ‧‧‧‧‧ ‧‧ ‧‧‧‧ ‧‧‧ ‧‧‧ ‧‧‧‧ ‧‧ ‧‧‧‧ ‧‧‧ ‧‧‧‧ ‧‧ ‧‧‧ ‧‧‧‧‧ ‧‧ ‧‧‧ ‧‧‧‧ ‧‧ ‧‧‧‧ ‧‧‧ ‧‧‧‧ ‧‧ ‧‧‧ ‧‧‧‧‧ ‧‧ ‧‧‧ ‧‧‧‧ ‧‧ ‧‧‧‧ ‧‧‧ ‧‧ ‧‧‧‧ ‧‧‧ ‧‧‧‧‧ ‧‧ ‧‧‧ ‧‧‧‧ ‧‧ ‧‧‧ ‧‧‧‧ ‧‧ ‧‧‧‧‧ ‧‧‧ ‧‧ ‧‧‧‧ ‧‧‧ ‧‧ ‧‧‧‧ ‧‧‧ ‧‧‧‧‧ ‧‧ ‧‧‧ ‧‧‧‧ ‧‧ ‧‧‧ ‧‧‧‧‧ ‧‧ ‧‧‧‧ ‧‧‧ ‧‧ ‧‧‧‧ ‧‧‧ ‧‧‧‧ ‧‧ ‧‧‧ ‧‧‧‧‧ ‧‧ ‧‧‧ ‧‧‧‧ ‧‧ ‧‧‧‧ ‧‧‧ ‧‧‧‧ ‧‧ ‧‧‧ ‧‧‧‧‧ ‧‧ ‧‧‧ ‧‧‧‧ ‧‧ ‧‧‧‧ ‧‧‧ ‧‧ ‧‧‧‧ ‧‧‧ ‧‧‧‧‧ ‧‧ ‧‧‧ ‧‧‧‧ ‧‧ ‧‧‧ ‧‧‧‧ ‧‧ ‧‧‧‧‧ ‧‧‧ ‧‧ ‧‧‧‧ ‧‧‧ ‧‧ ‧‧‧‧ ‧‧‧ ‧‧‧‧‧ ‧‧ ‧‧‧ ‧‧‧‧ ‧‧ ‧‧‧ ‧‧‧‧‧ ‧‧ ‧‧‧‧ ‧‧‧ ‧‧ ‧‧‧‧ ‧‧‧ ‧‧‧‧ ‧‧ ‧‧‧ ‧‧‧‧‧ ‧‧ ‧‧‧ ‧‧‧‧ ‧‧ ‧‧‧‧ ‧‧‧ ‧‧‧‧ ‧‧ ‧‧‧ ‧‧‧‧‧ ‧‧ ‧‧‧ ‧‧‧‧ ‧‧ ‧‧‧‧ ‧‧‧ ‧‧ ‧‧‧‧ ‧‧‧ ‧‧‧‧‧ ‧‧ ‧‧‧ ‧‧‧‧ ‧‧ ‧‧‧ ‧‧‧‧ ‧‧ ‧‧‧‧‧ ‧‧‧ ‧‧ ‧‧‧‧ ‧‧‧ ‧‧ ‧‧‧‧ ‧‧‧ ‧‧‧‧‧ ‧‧ ‧‧‧ ‧‧‧‧ ‧‧ ‧‧‧ ‧‧‧‧‧ ‧‧ ‧‧‧‧ ‧‧‧ ‧‧ ‧‧‧‧ ‧‧‧ ‧‧‧‧ ‧‧ ‧‧‧ ‧‧‧‧‧ ‧‧ ‧‧‧ ‧‧‧‧ ‧‧ ‧‧‧‧ ‧‧‧ ‧‧‧‧ ‧‧ ‧‧‧ ‧‧‧‧‧ ‧‧ ‧‧‧ ‧‧‧‧ ‧‧ ‧‧‧‧ ‧‧‧ ‧‧ ‧‧‧‧ ‧‧‧ ‧‧‧‧‧ ‧‧ ‧‧‧ ‧‧‧‧ ‧‧ ‧‧‧ ‧‧‧‧ ‧‧ ‧‧‧‧‧ ‧‧‧ ‧‧ ‧‧‧‧ ‧‧‧ ‧‧ ‧‧‧‧ ‧‧‧ ‧‧‧‧‧ ‧‧ ‧‧‧ ‧‧‧‧ ‧‧ ‧‧‧ ‧‧‧‧‧ ‧‧ ‧‧‧‧ ‧‧‧ ‧‧ ‧‧‧‧ ‧‧‧ ‧‧‧‧ ‧‧ ‧‧‧ ‧‧‧‧‧ ‧‧ ‧‧‧ ‧‧‧‧ ‧‧ ‧‧‧‧ ‧‧‧ ‧‧‧‧ ‧‧ ‧‧‧ ‧‧‧‧‧ ‧‧ ‧‧‧ ‧‧‧‧ ‧‧ ‧‧‧‧ ‧‧‧ ‧‧ ‧‧‧‧ ‧‧‧ ‧‧‧‧‧ ‧‧ ‧‧‧ ‧‧‧‧ ‧‧ ‧‧‧ ‧‧‧‧ ‧‧ ‧‧‧‧‧ ‧‧‧ ‧‧ ‧‧‧‧ ‧‧‧ ‧‧ ‧‧‧‧ ‧‧‧ ‧‧‧‧‧ ‧‧ ‧‧‧ ‧‧‧‧ ‧‧ ‧‧‧ ‧‧‧‧‧ ‧‧ ‧‧‧‧ ‧‧‧ ‧‧ ‧‧‧‧ ‧‧‧ ‧‧‧‧ ‧‧ ‧‧‧ ‧‧‧‧‧ ‧‧ ‧‧‧ ‧‧‧‧ ‧‧ ‧‧‧‧ ‧‧‧ ‧‧‧‧ ‧‧ ‧‧‧ ‧‧‧‧‧ ‧‧ ‧‧‧ ‧‧‧‧ ‧‧ ‧‧‧‧ ‧‧‧ ‧‧ ‧‧‧‧ ‧‧‧ ‧‧‧‧‧ ‧‧ ‧‧‧ ‧‧‧‧ ‧‧ ‧‧‧ ‧‧‧‧ ‧‧ ‧‧‧‧‧ ‧‧‧ ‧‧ ‧‧‧‧ ‧‧‧ ‧‧ ‧‧‧‧ ‧‧‧ ‧‧‧‧‧ ‧‧ ‧‧‧ ‧‧‧‧ ‧‧ ‧‧‧ ‧‧‧‧‧ ‧‧ ‧‧‧‧ ‧‧‧ ‧‧ ‧‧‧‧ ‧‧‧ ‧‧‧‧ ‧‧ ‧‧‧ ‧‧‧‧‧ ‧‧ ‧‧‧ ‧‧‧‧
